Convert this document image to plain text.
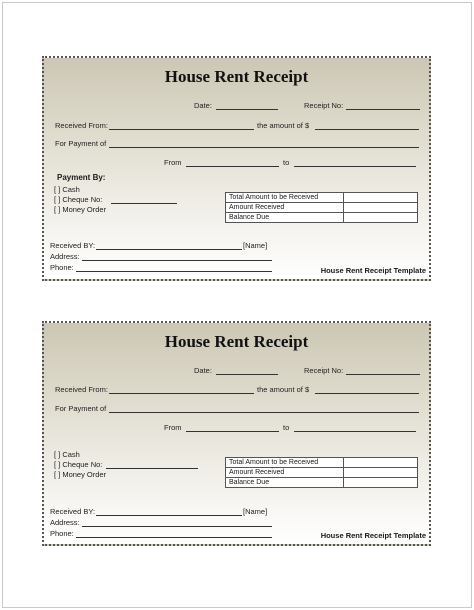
House Rent Receipt
Date:	Receipt No:
Received From:	the amount of $
For Payment of
From	to
Payment By:
[ ] Cash
[ ] Cheque No:
[ ] Money Order
Total Amount to be Received	
Amount Received	
Balance Due	
Received BY:	[Name]
Address:
Phone:	House Rent Receipt Template
House Rent Receipt
Date:	Receipt No:
Received From:	the amount of $
For Payment of
From	to
[ ] Cash
[ ] Cheque No:
[ ] Money Order
Total Amount to be Received	
Amount Received	
Balance Due	
Received BY:	[Name]
Address:
Phone:	House Rent Receipt Template
